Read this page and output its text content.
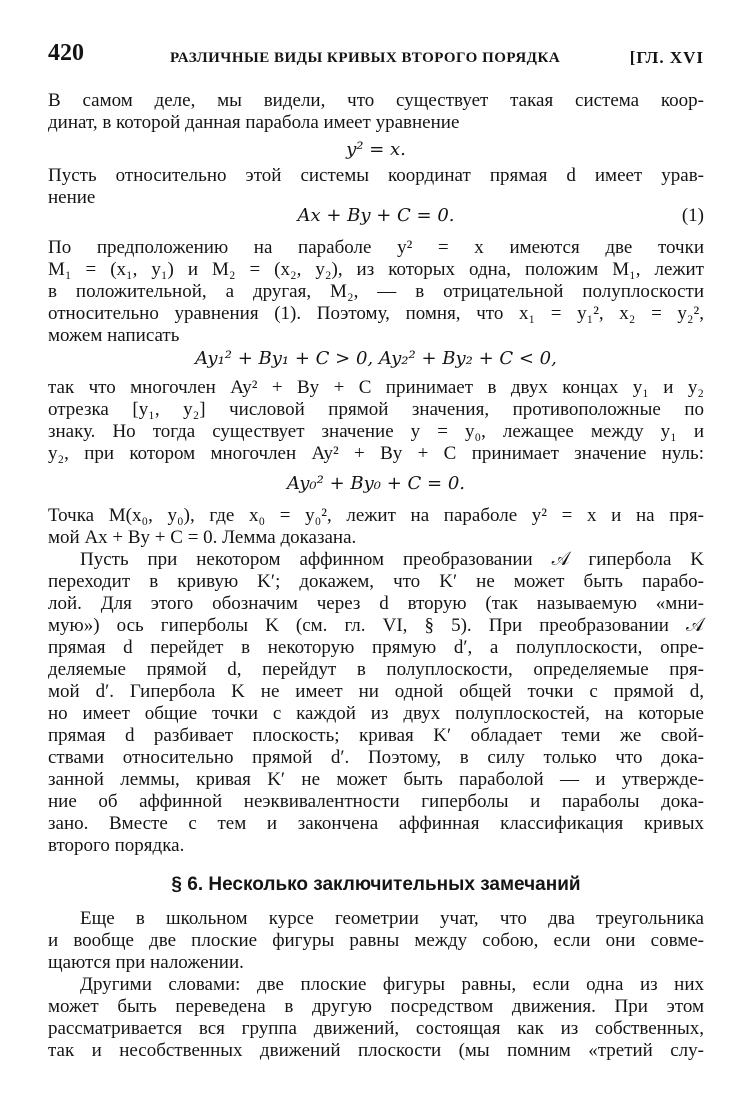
420	РАЗЛИЧНЫЕ ВИДЫ КРИВЫХ ВТОРОГО ПОРЯДКА	[ГЛ. XVI
В самом деле, мы видели, что существует такая система коор-
динат, в которой данная парабола имеет уравнение
y² = x.
Пусть относительно этой системы координат прямая d имеет урав-
нение
Ax + By + C = 0.	(1)
По предположению на параболе y² = x имеются две точки
M₁ = (x₁, y₁) и M₂ = (x₂, y₂), из которых одна, положим M₁, лежит
в положительной, а другая, M₂, — в отрицательной полуплоскости
относительно уравнения (1). Поэтому, помня, что x₁ = y₁², x₂ = y₂²,
можем написать
Ay₁² + By₁ + C > 0, Ay₂² + By₂ + C < 0,
так что многочлен Ay² + By + C принимает в двух концах y₁ и y₂
отрезка [y₁, y₂] числовой прямой значения, противоположные по
знаку. Но тогда существует значение y = y₀, лежащее между y₁ и
y₂, при котором многочлен Ay² + By + C принимает значение нуль:
Ay₀² + By₀ + C = 0.
Точка M(x₀, y₀), где x₀ = y₀², лежит на параболе y² = x и на пря-
мой Ax + By + C = 0. Лемма доказана.
Пусть при некотором аффинном преобразовании 𝒜 гипербола K
переходит в кривую K′; докажем, что K′ не может быть парабо-
лой. Для этого обозначим через d вторую (так называемую «мни-
мую») ось гиперболы K (см. гл. VI, § 5). При преобразовании 𝒜
прямая d перейдет в некоторую прямую d′, а полуплоскости, опре-
деляемые прямой d, перейдут в полуплоскости, определяемые пря-
мой d′. Гипербола K не имеет ни одной общей точки с прямой d,
но имеет общие точки с каждой из двух полуплоскостей, на которые
прямая d разбивает плоскость; кривая K′ обладает теми же свой-
ствами относительно прямой d′. Поэтому, в силу только что дока-
занной леммы, кривая K′ не может быть параболой — и утвержде-
ние об аффинной неэквивалентности гиперболы и параболы дока-
зано. Вместе с тем и закончена аффинная классификация кривых
второго порядка.
§ 6. Несколько заключительных замечаний
Еще в школьном курсе геометрии учат, что два треугольника
и вообще две плоские фигуры равны между собою, если они совме-
щаются при наложении.
Другими словами: две плоские фигуры равны, если одна из них
может быть переведена в другую посредством движения. При этом
рассматривается вся группа движений, состоящая как из собственных,
так и несобственных движений плоскости (мы помним «третий слу-
